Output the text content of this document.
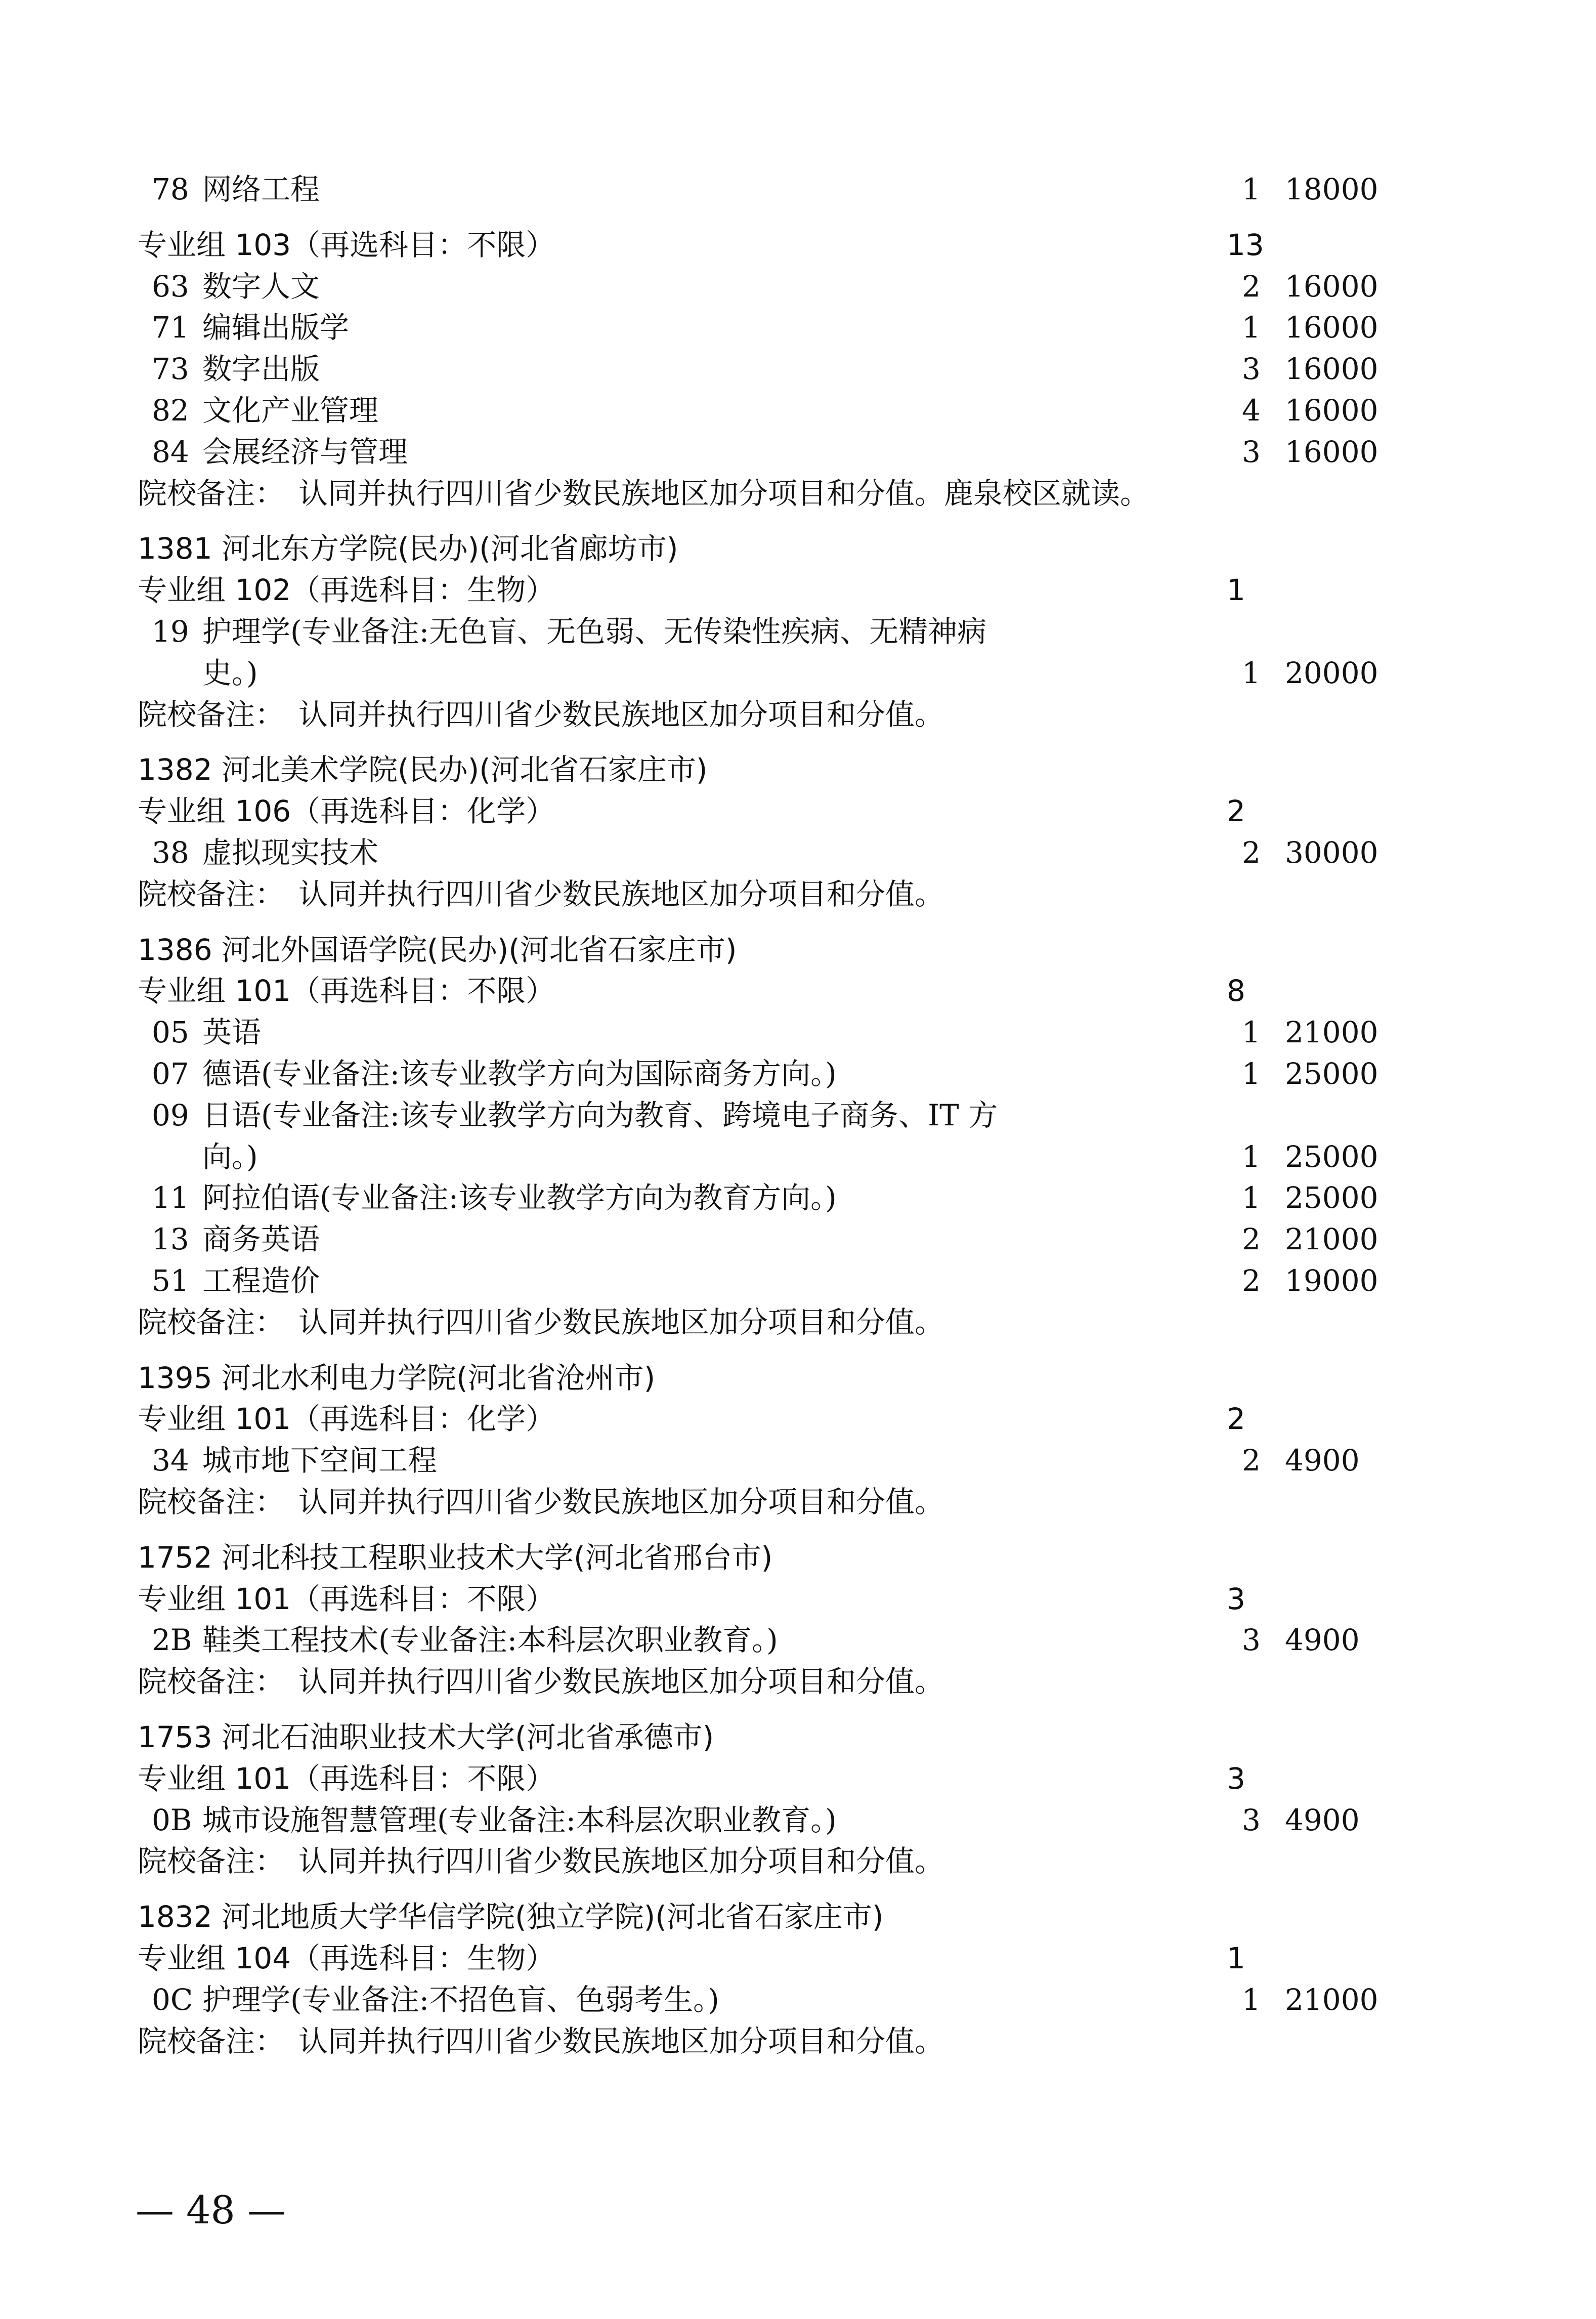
78 网络工程	1 18000
专业组 103（再选科目：不限）	13
63 数字人文	2 16000
71 编辑出版学	1 16000
73 数字出版	3 16000
82 文化产业管理	4 16000
84 会展经济与管理	3 16000
院校备注： 认同并执行四川省少数民族地区加分项目和分值。鹿泉校区就读。
1381 河北东方学院(民办)(河北省廊坊市)
专业组 102（再选科目：生物）	1
19 护理学(专业备注:无色盲、无色弱、无传染性疾病、无精神病
史。)	1 20000
院校备注： 认同并执行四川省少数民族地区加分项目和分值。
1382 河北美术学院(民办)(河北省石家庄市)
专业组 106（再选科目：化学）	2
38 虚拟现实技术	2 30000
院校备注： 认同并执行四川省少数民族地区加分项目和分值。
1386 河北外国语学院(民办)(河北省石家庄市)
专业组 101（再选科目：不限）	8
05 英语	1 21000
07 德语(专业备注:该专业教学方向为国际商务方向。)	1 25000
09 日语(专业备注:该专业教学方向为教育、跨境电子商务、IT 方
向。)	1 25000
11 阿拉伯语(专业备注:该专业教学方向为教育方向。)	1 25000
13 商务英语	2 21000
51 工程造价	2 19000
院校备注： 认同并执行四川省少数民族地区加分项目和分值。
1395 河北水利电力学院(河北省沧州市)
专业组 101（再选科目：化学）	2
34 城市地下空间工程	2 4900
院校备注： 认同并执行四川省少数民族地区加分项目和分值。
1752 河北科技工程职业技术大学(河北省邢台市)
专业组 101（再选科目：不限）	3
2B 鞋类工程技术(专业备注:本科层次职业教育。)	3 4900
院校备注： 认同并执行四川省少数民族地区加分项目和分值。
1753 河北石油职业技术大学(河北省承德市)
专业组 101（再选科目：不限）	3
0B 城市设施智慧管理(专业备注:本科层次职业教育。)	3 4900
院校备注： 认同并执行四川省少数民族地区加分项目和分值。
1832 河北地质大学华信学院(独立学院)(河北省石家庄市)
专业组 104（再选科目：生物）	1
0C 护理学(专业备注:不招色盲、色弱考生。)	1 21000
院校备注： 认同并执行四川省少数民族地区加分项目和分值。
— 48 —
